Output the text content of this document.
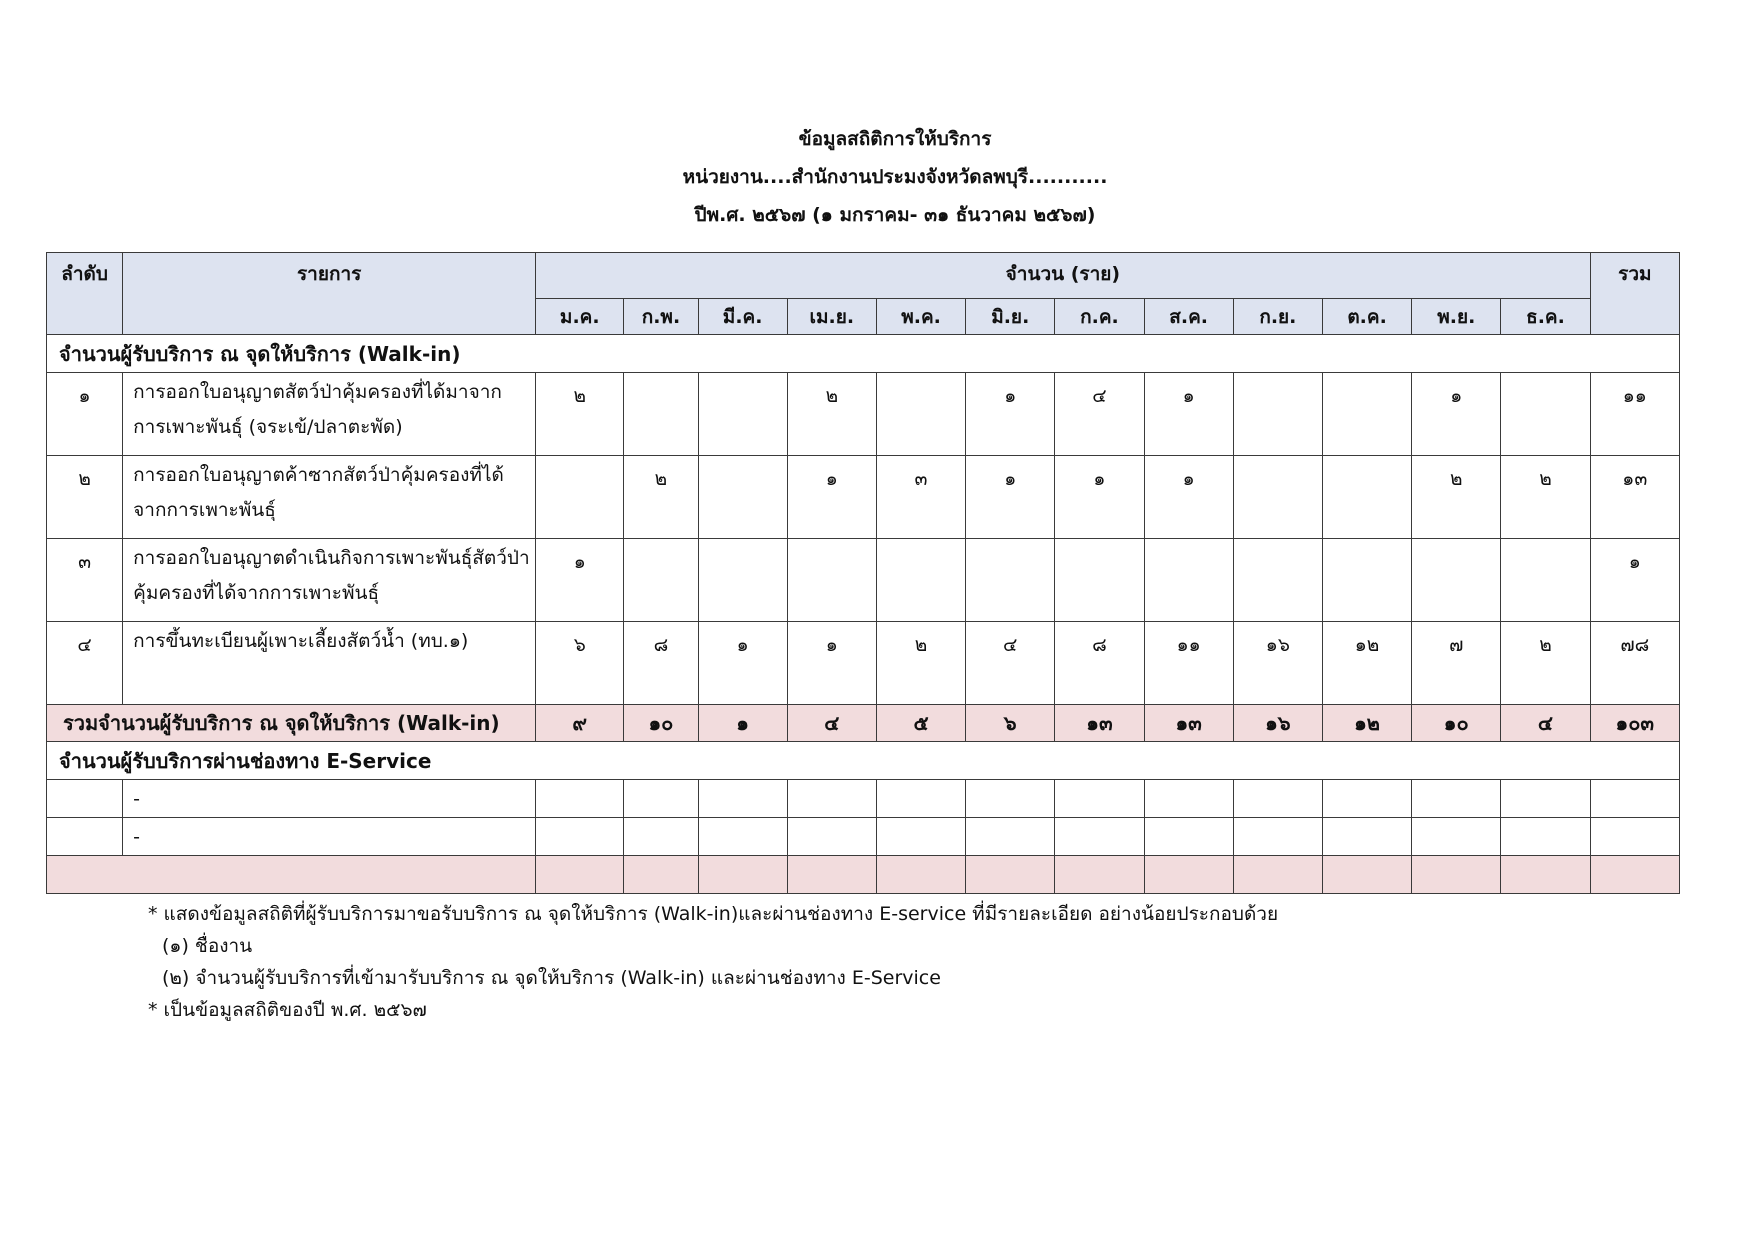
ข้อมูลสถิติการให้บริการ
หน่วยงาน....สำนักงานประมงจังหวัดลพบุรี...........
ปีพ.ศ. ๒๕๖๗ (๑ มกราคม- ๓๑ ธันวาคม ๒๕๖๗)
ลำดับ	รายการ	จำนวน (ราย)												รวม
		ม.ค.	ก.พ.	มี.ค.	เม.ย.	พ.ค.	มิ.ย.	ก.ค.	ส.ค.	ก.ย.	ต.ค.	พ.ย.	ธ.ค.	
จำนวนผู้รับบริการ ณ จุดให้บริการ (Walk-in)														
๑	การออกใบอนุญาตสัตว์ป่าคุ้มครองที่ได้มาจากการเพาะพันธุ์ (จระเข้/ปลาตะพัด)	๒			๒		๑	๔	๑			๑		๑๑
๒	การออกใบอนุญาตค้าซากสัตว์ป่าคุ้มครองที่ได้จากการเพาะพันธุ์		๒		๑	๓	๑	๑	๑			๒	๒	๑๓
๓	การออกใบอนุญาตดำเนินกิจการเพาะพันธุ์สัตว์ป่าคุ้มครองที่ได้จากการเพาะพันธุ์	๑												๑
๔	การขึ้นทะเบียนผู้เพาะเลี้ยงสัตว์น้ำ (ทบ.๑)	๖	๘	๑	๑	๒	๔	๘	๑๑	๑๖	๑๒	๗	๒	๗๘
รวมจำนวนผู้รับบริการ ณ จุดให้บริการ (Walk-in)		๙	๑๐	๑	๔	๕	๖	๑๓	๑๓	๑๖	๑๒	๑๐	๔	๑๐๓
จำนวนผู้รับบริการผ่านช่องทาง E-Service														
	-													
	-													

* แสดงข้อมูลสถิติที่ผู้รับบริการมาขอรับบริการ ณ จุดให้บริการ (Walk-in)และผ่านช่องทาง E-service ที่มีรายละเอียด อย่างน้อยประกอบด้วย
(๑) ชื่องาน
(๒) จำนวนผู้รับบริการที่เข้ามารับบริการ ณ จุดให้บริการ (Walk-in) และผ่านช่องทาง E-Service
* เป็นข้อมูลสถิติของปี พ.ศ. ๒๕๖๗
